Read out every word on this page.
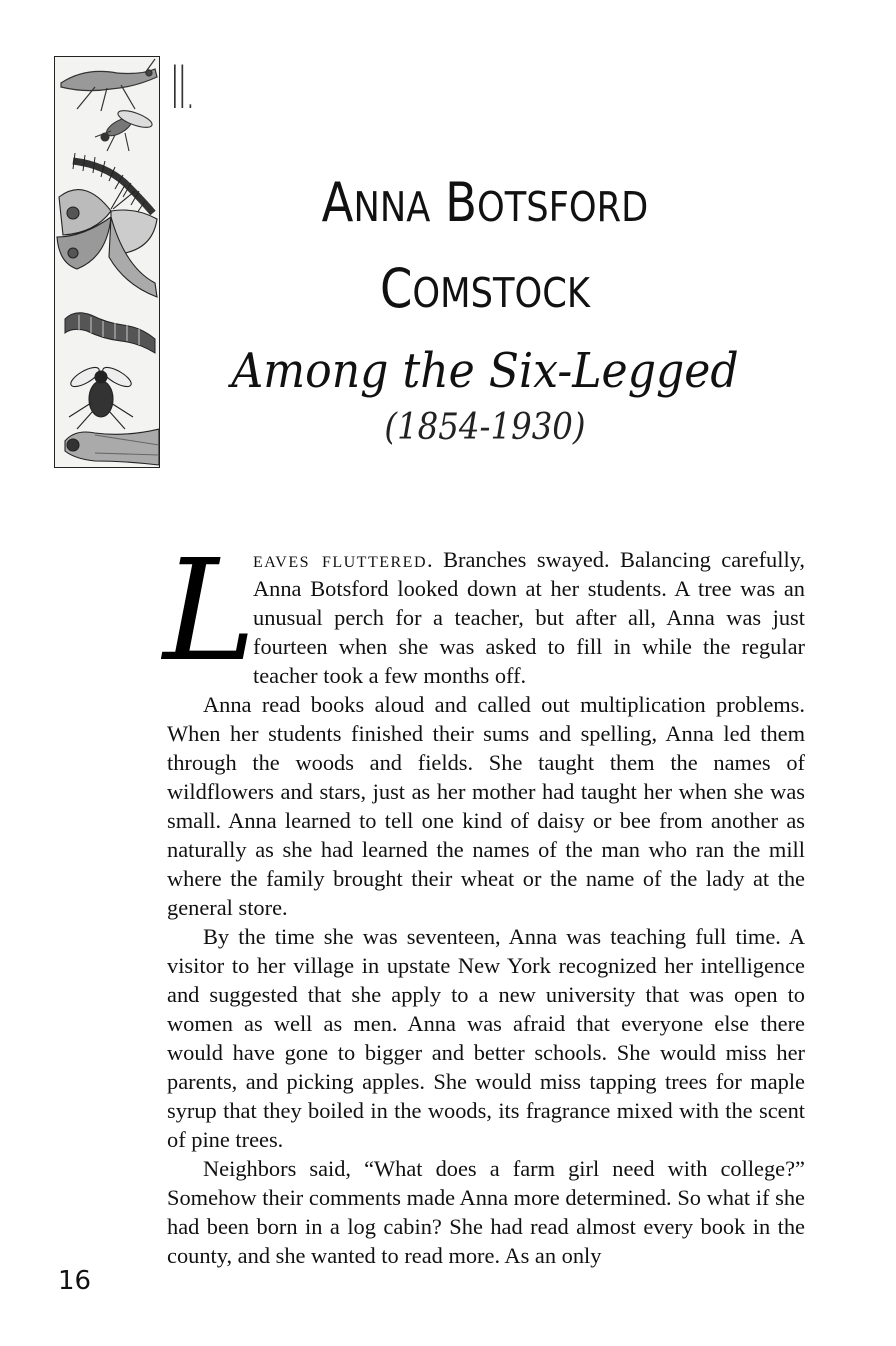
II.
ANNA BOTSFORD
COMSTOCK
Among the Six-Legged
(1854-1930)

L
eaves fluttered. Branches swayed. Balancing carefully, Anna Botsford looked down at her students. A tree was an unusual perch for a teacher, but after all, Anna was just fourteen when she was asked to fill in while the regular teacher took a few months off.

Anna read books aloud and called out multiplication problems. When her students finished their sums and spelling, Anna led them through the woods and fields. She taught them the names of wildflowers and stars, just as her mother had taught her when she was small. Anna learned to tell one kind of daisy or bee from another as naturally as she had learned the names of the man who ran the mill where the family brought their wheat or the name of the lady at the general store.

By the time she was seventeen, Anna was teaching full time. A visitor to her village in upstate New York recognized her intelligence and suggested that she apply to a new university that was open to women as well as men. Anna was afraid that everyone else there would have gone to bigger and better schools. She would miss her parents, and picking apples. She would miss tapping trees for maple syrup that they boiled in the woods, its fragrance mixed with the scent of pine trees.

Neighbors said, “What does a farm girl need with college?” Somehow their comments made Anna more determined. So what if she had been born in a log cabin? She had read almost every book in the county, and she wanted to read more. As an only

16
